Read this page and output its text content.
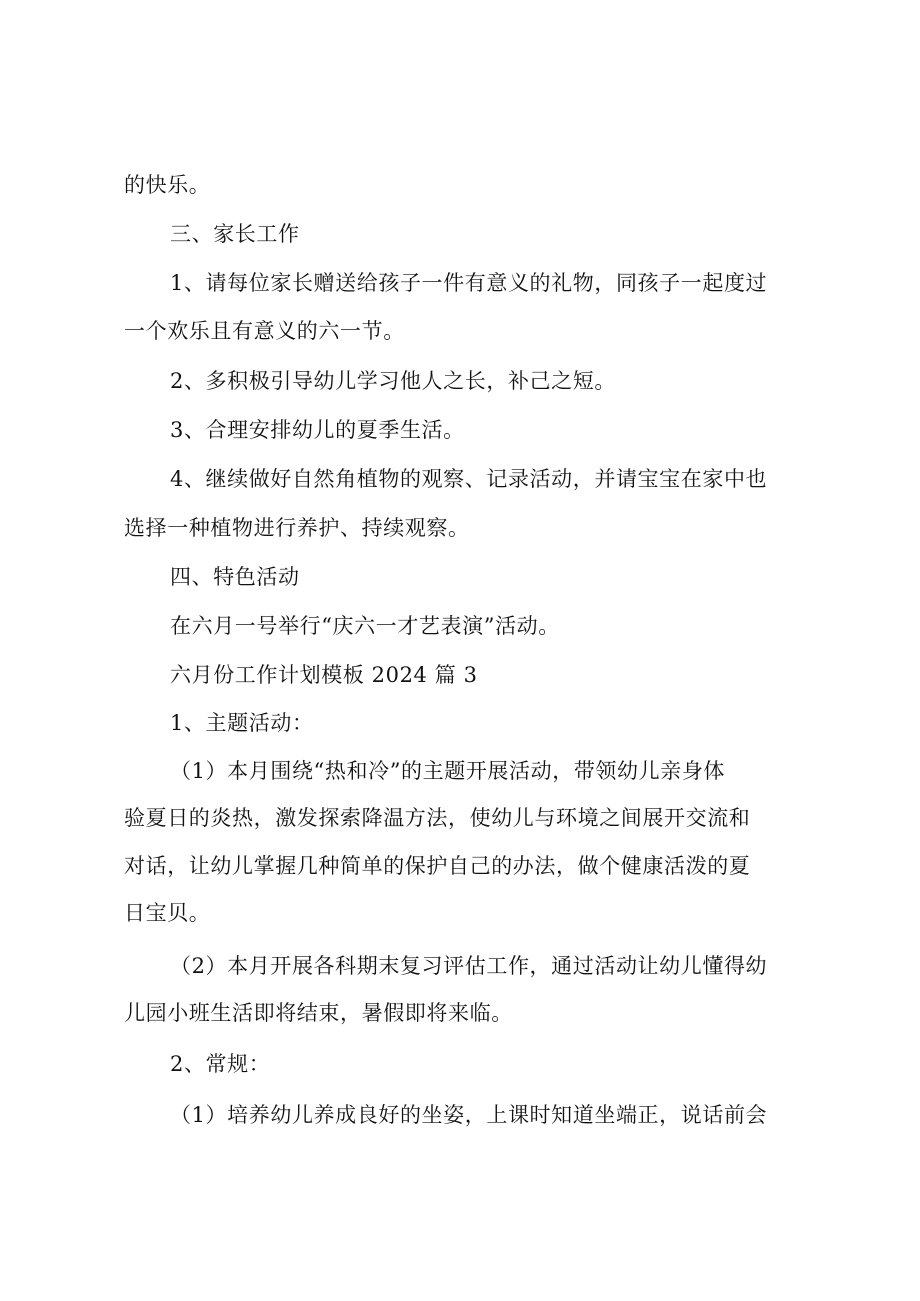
的快乐。
三、家长工作
1、请每位家长赠送给孩子一件有意义的礼物，同孩子一起度过
一个欢乐且有意义的六一节。
2、多积极引导幼儿学习他人之长，补己之短。
3、合理安排幼儿的夏季生活。
4、继续做好自然角植物的观察、记录活动，并请宝宝在家中也
选择一种植物进行养护、持续观察。
四、特色活动
在六月一号举行“庆六一才艺表演”活动。
六月份工作计划模板 2024 篇 3
1、主题活动：
（1）本月围绕“热和冷”的主题开展活动，带领幼儿亲身体
验夏日的炎热，激发探索降温方法，使幼儿与环境之间展开交流和
对话，让幼儿掌握几种简单的保护自己的办法，做个健康活泼的夏
日宝贝。
（2）本月开展各科期末复习评估工作，通过活动让幼儿懂得幼
儿园小班生活即将结束，暑假即将来临。
2、常规：
（1）培养幼儿养成良好的坐姿，上课时知道坐端正，说话前会
